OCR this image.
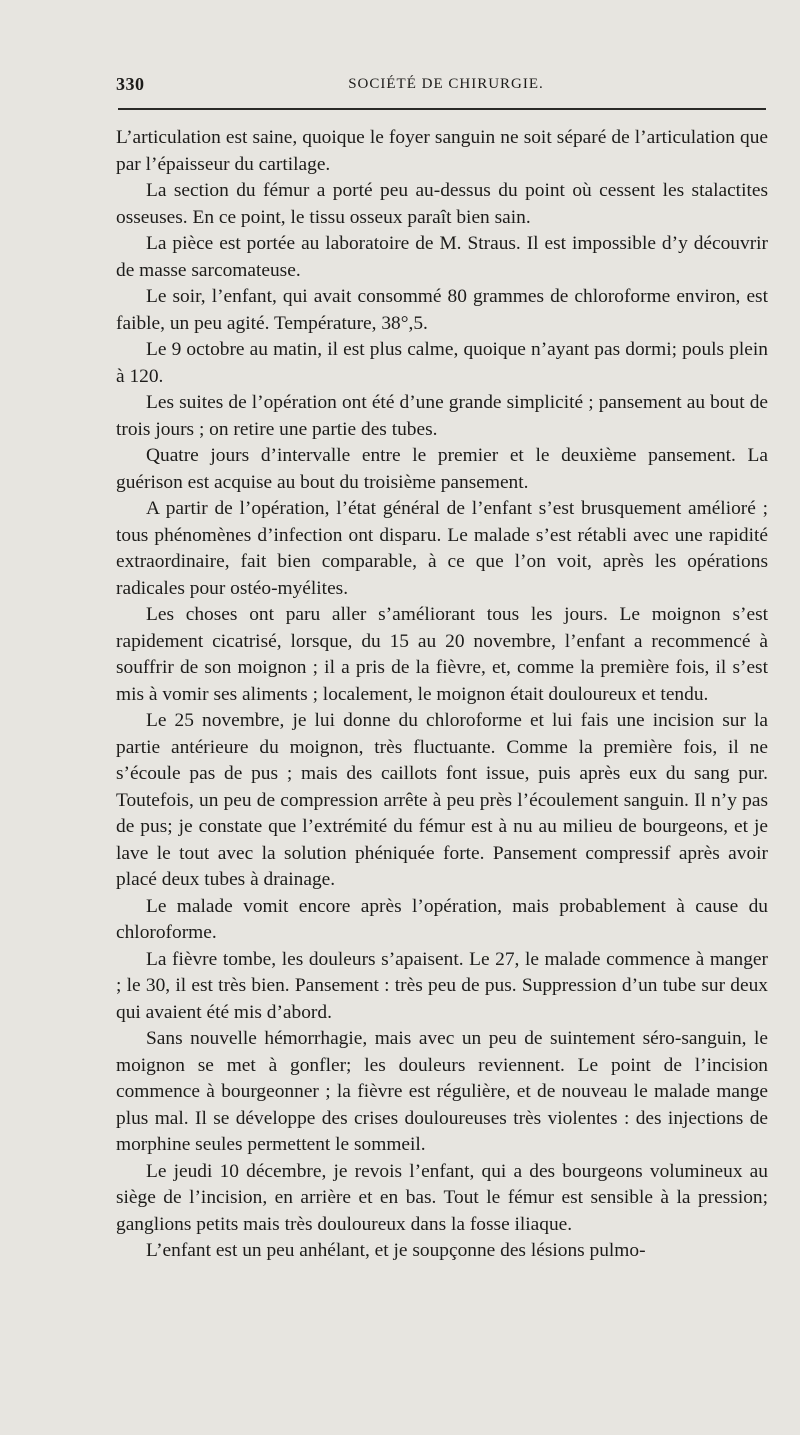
330	SOCIÉTÉ DE CHIRURGIE.

L’articulation est saine, quoique le foyer sanguin ne soit séparé de l’articulation que par l’épaisseur du cartilage.

La section du fémur a porté peu au-dessus du point où cessent les stalactites osseuses. En ce point, le tissu osseux paraît bien sain.

La pièce est portée au laboratoire de M. Straus. Il est impossible d’y découvrir de masse sarcomateuse.

Le soir, l’enfant, qui avait consommé 80 grammes de chloroforme environ, est faible, un peu agité. Température, 38°,5.

Le 9 octobre au matin, il est plus calme, quoique n’ayant pas dormi; pouls plein à 120.

Les suites de l’opération ont été d’une grande simplicité ; pansement au bout de trois jours ; on retire une partie des tubes.

Quatre jours d’intervalle entre le premier et le deuxième pansement. La guérison est acquise au bout du troisième pansement.

A partir de l’opération, l’état général de l’enfant s’est brusquement amélioré ; tous phénomènes d’infection ont disparu. Le malade s’est rétabli avec une rapidité extraordinaire, fait bien comparable, à ce que l’on voit, après les opérations radicales pour ostéo-myélites.

Les choses ont paru aller s’améliorant tous les jours. Le moignon s’est rapidement cicatrisé, lorsque, du 15 au 20 novembre, l’enfant a recommencé à souffrir de son moignon ; il a pris de la fièvre, et, comme la première fois, il s’est mis à vomir ses aliments ; localement, le moignon était douloureux et tendu.

Le 25 novembre, je lui donne du chloroforme et lui fais une incision sur la partie antérieure du moignon, très fluctuante. Comme la première fois, il ne s’écoule pas de pus ; mais des caillots font issue, puis après eux du sang pur. Toutefois, un peu de compression arrête à peu près l’écoulement sanguin. Il n’y pas de pus; je constate que l’extrémité du fémur est à nu au milieu de bourgeons, et je lave le tout avec la solution phéniquée forte. Pansement compressif après avoir placé deux tubes à drainage.

Le malade vomit encore après l’opération, mais probablement à cause du chloroforme.

La fièvre tombe, les douleurs s’apaisent. Le 27, le malade commence à manger ; le 30, il est très bien. Pansement : très peu de pus. Suppression d’un tube sur deux qui avaient été mis d’abord.

Sans nouvelle hémorrhagie, mais avec un peu de suintement séro-sanguin, le moignon se met à gonfler; les douleurs reviennent. Le point de l’incision commence à bourgeonner ; la fièvre est régulière, et de nouveau le malade mange plus mal. Il se développe des crises douloureuses très violentes : des injections de morphine seules permettent le sommeil.

Le jeudi 10 décembre, je revois l’enfant, qui a des bourgeons volumineux au siège de l’incision, en arrière et en bas. Tout le fémur est sensible à la pression; ganglions petits mais très douloureux dans la fosse iliaque.

L’enfant est un peu anhélant, et je soupçonne des lésions pulmo-
